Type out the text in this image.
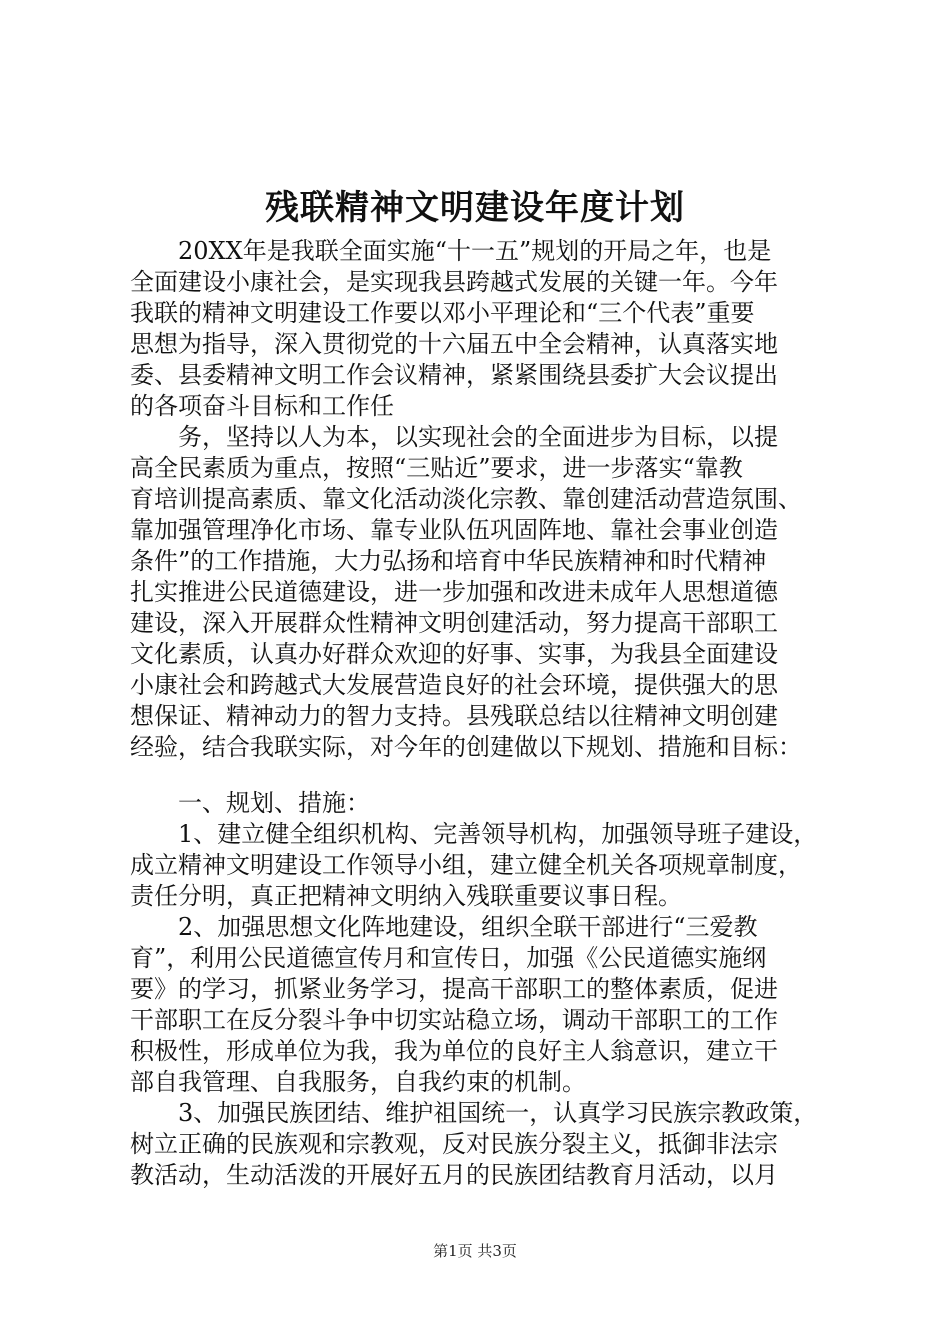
残联精神文明建设年度计划
　　20XX年是我联全面实施“十一五”规划的开局之年，也是
全面建设小康社会，是实现我县跨越式发展的关键一年。今年
我联的精神文明建设工作要以邓小平理论和“三个代表”重要
思想为指导，深入贯彻党的十六届五中全会精神，认真落实地
委、县委精神文明工作会议精神，紧紧围绕县委扩大会议提出
的各项奋斗目标和工作任
　　务，坚持以人为本，以实现社会的全面进步为目标，以提
高全民素质为重点，按照“三贴近”要求，进一步落实“靠教
育培训提高素质、靠文化活动淡化宗教、靠创建活动营造氛围、
靠加强管理净化市场、靠专业队伍巩固阵地、靠社会事业创造
条件”的工作措施，大力弘扬和培育中华民族精神和时代精神
扎实推进公民道德建设，进一步加强和改进未成年人思想道德
建设，深入开展群众性精神文明创建活动，努力提高干部职工
文化素质，认真办好群众欢迎的好事、实事，为我县全面建设
小康社会和跨越式大发展营造良好的社会环境，提供强大的思
想保证、精神动力的智力支持。县残联总结以往精神文明创建
经验，结合我联实际，对今年的创建做以下规划、措施和目标：
　　一、规划、措施：
　　1、建立健全组织机构、完善领导机构，加强领导班子建设，
成立精神文明建设工作领导小组，建立健全机关各项规章制度，
责任分明，真正把精神文明纳入残联重要议事日程。
　　2、加强思想文化阵地建设，组织全联干部进行“三爱教
育”，利用公民道德宣传月和宣传日，加强《公民道德实施纲
要》的学习，抓紧业务学习，提高干部职工的整体素质，促进
干部职工在反分裂斗争中切实站稳立场，调动干部职工的工作
积极性，形成单位为我，我为单位的良好主人翁意识，建立干
部自我管理、自我服务，自我约束的机制。
　　3、加强民族团结、维护祖国统一，认真学习民族宗教政策，
树立正确的民族观和宗教观，反对民族分裂主义，抵御非法宗
教活动，生动活泼的开展好五月的民族团结教育月活动，以月
第1页 共3页
